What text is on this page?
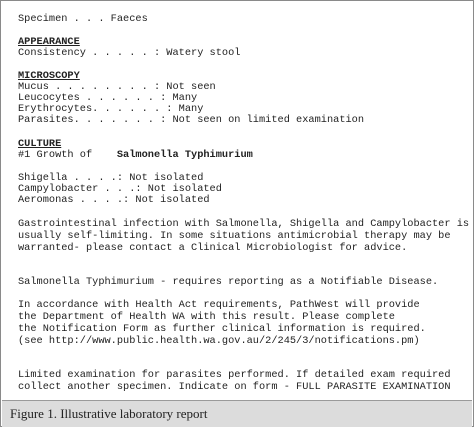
Specimen . . . Faeces
APPEARANCE
Consistency . . . . . : Watery stool
MICROSCOPY
Mucus . . . . . . . . : Not seen
Leucocytes . . . . . . : Many
Erythrocytes. . . . . . : Many
Parasites. . . . . . . : Not seen on limited examination
CULTURE
#1 Growth of Salmonella Typhimurium
Shigella . . . .: Not isolated
Campylobacter . . .: Not isolated
Aeromonas . . . .: Not isolated
Gastrointestinal infection with Salmonella, Shigella and Campylobacter is
usually self-limiting. In some situations antimicrobial therapy may be
warranted- please contact a Clinical Microbiologist for advice.
Salmonella Typhimurium - requires reporting as a Notifiable Disease.
In accordance with Health Act requirements, PathWest will provide
the Department of Health WA with this result. Please complete
the Notification Form as further clinical information is required.
(see http://www.public.health.wa.gov.au/2/245/3/notifications.pm)
Limited examination for parasites performed. If detailed exam required
collect another specimen. Indicate on form - FULL PARASITE EXAMINATION
Figure 1. Illustrative laboratory report
